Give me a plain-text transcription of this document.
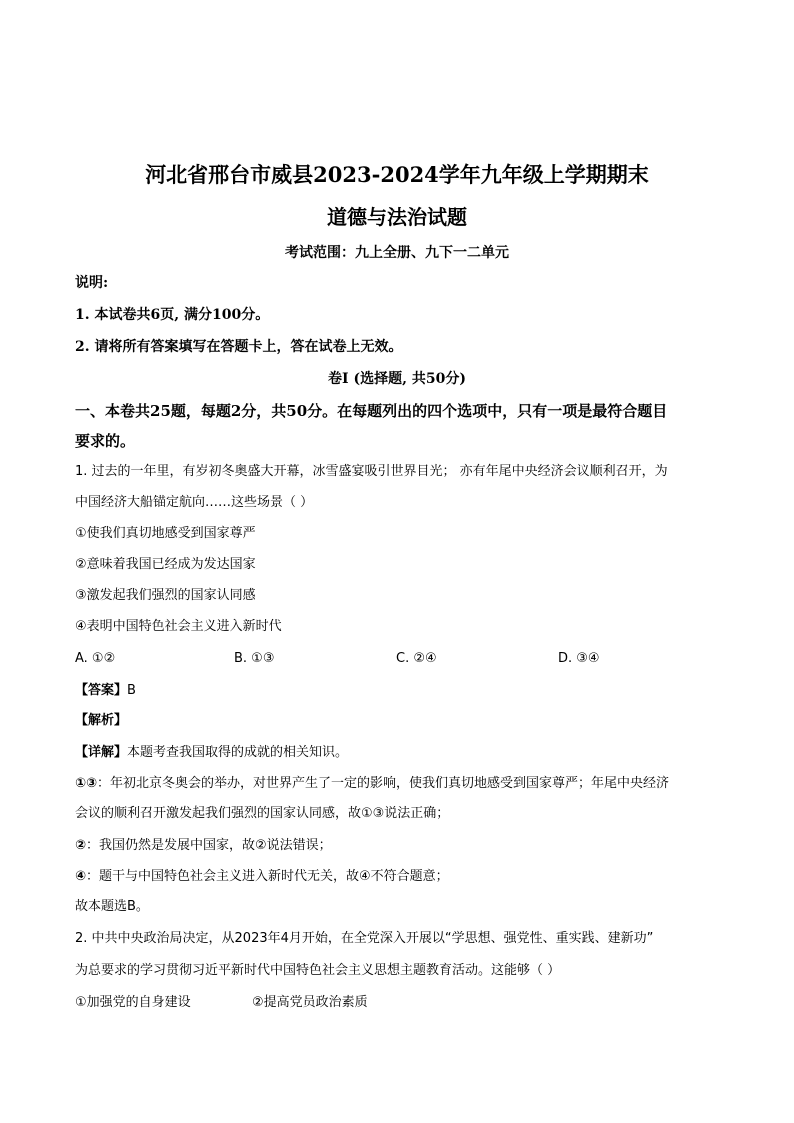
河北省邢台市威县2023-2024学年九年级上学期期末
道德与法治试题
考试范围：九上全册、九下一二单元
说明:
1. 本试卷共6页, 满分100分。
2. 请将所有答案填写在答题卡上，答在试卷上无效。
卷Ⅰ (选择题, 共50分)
一、本卷共25题，每题2分，共50分。在每题列出的四个选项中，只有一项是最符合题目
要求的。
1. 过去的一年里，有岁初冬奥盛大开幕，冰雪盛宴吸引世界目光； 亦有年尾中央经济会议顺利召开，为
中国经济大船锚定航向……这些场景（ ）
①使我们真切地感受到国家尊严
②意味着我国已经成为发达国家
③激发起我们强烈的国家认同感
④表明中国特色社会主义进入新时代
A. ①②	B. ①③	C. ②④	D. ③④
【答案】B
【解析】
【详解】本题考查我国取得的成就的相关知识。
①③：年初北京冬奥会的举办，对世界产生了一定的影响，使我们真切地感受到国家尊严；年尾中央经济
会议的顺利召开激发起我们强烈的国家认同感，故①③说法正确；
②：我国仍然是发展中国家，故②说法错误；
④：题干与中国特色社会主义进入新时代无关，故④不符合题意；
故本题选B。
2. 中共中央政治局决定，从2023年4月开始，在全党深入开展以“学思想、强党性、重实践、建新功”
为总要求的学习贯彻习近平新时代中国特色社会主义思想主题教育活动。这能够（ ）
①加强党的自身建设	②提高党员政治素质
